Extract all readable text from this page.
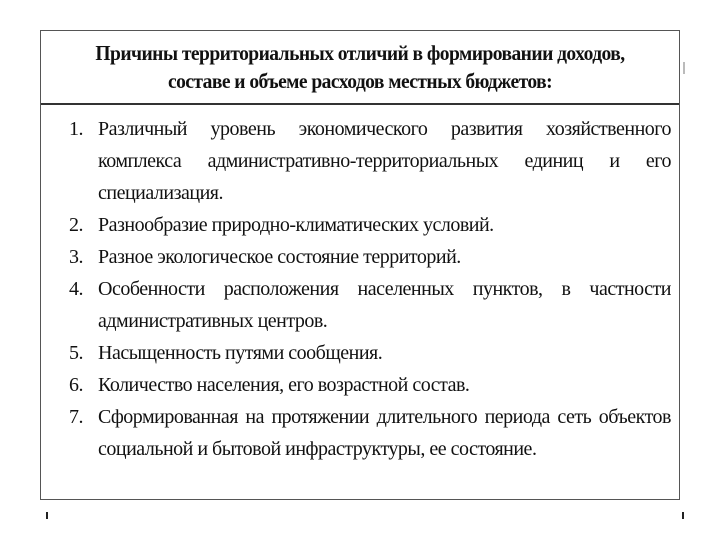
Причины территориальных отличий в формировании доходов, составе и объеме расходов местных бюджетов:
1. Различный уровень экономического развития хозяйственного комплекса административно-территориальных единиц и его специализация.
2. Разнообразие природно-климатических условий.
3. Разное экологическое состояние территорий.
4. Особенности расположения населенных пунктов, в частности административных центров.
5. Насыщенность путями сообщения.
6. Количество населения, его возрастной состав.
7. Сформированная на протяжении длительного периода сеть объектов социальной и бытовой инфраструктуры, ее состояние.
